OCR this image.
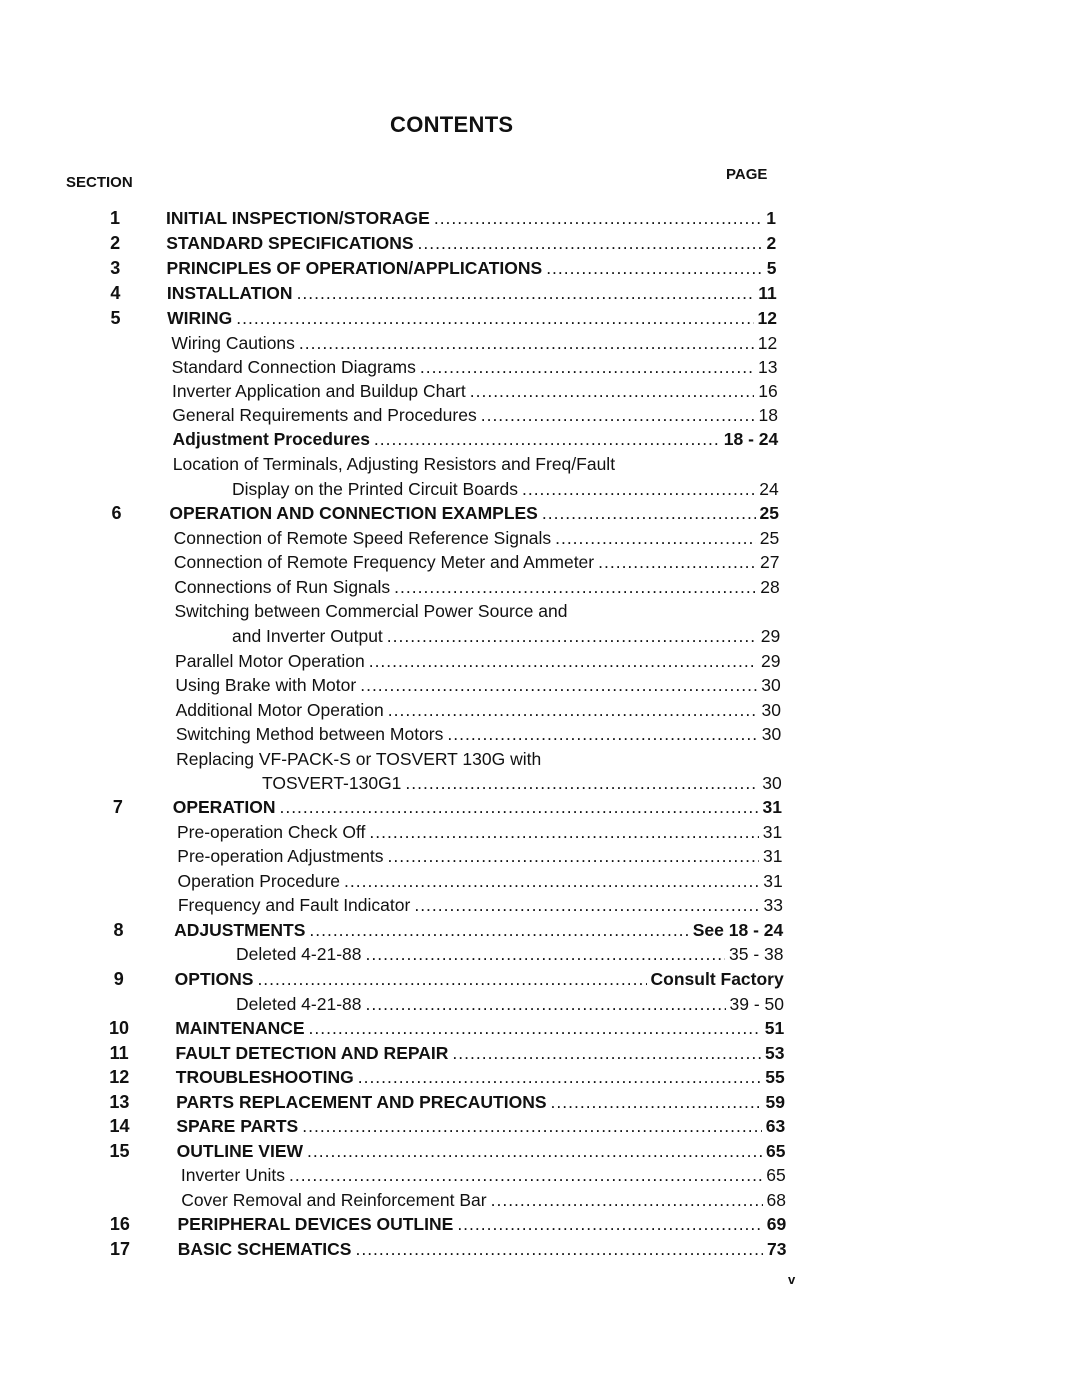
CONTENTS
SECTION	PAGE
1	INITIAL INSPECTION/STORAGE .....	1
2	STANDARD SPECIFICATIONS .....	2
3	PRINCIPLES OF OPERATION/APPLICATIONS .....	5
4	INSTALLATION .....	11
5	WIRING .....	12
Wiring Cautions .....	12
Standard Connection Diagrams .....	13
Inverter Application and Buildup Chart .....	16
General Requirements and Procedures .....	18
Adjustment Procedures .....	18 - 24
Location of Terminals, Adjusting Resistors and Freq/Fault
Display on the Printed Circuit Boards .....	24
6	OPERATION AND CONNECTION EXAMPLES .....	25
Connection of Remote Speed Reference Signals .....	25
Connection of Remote Frequency Meter and Ammeter .....	27
Connections of Run Signals .....	28
Switching between Commercial Power Source and
and Inverter Output .....	29
Parallel Motor Operation .....	29
Using Brake with Motor .....	30
Additional Motor Operation .....	30
Switching Method between Motors .....	30
Replacing VF-PACK-S or TOSVERT 130G with
TOSVERT-130G1 .....	30
7	OPERATION .....	31
Pre-operation Check Off .....	31
Pre-operation Adjustments .....	31
Operation Procedure .....	31
Frequency and Fault Indicator .....	33
8	ADJUSTMENTS .....	See 18 - 24
Deleted 4-21-88 .....	35 - 38
9	OPTIONS .....	Consult Factory
Deleted 4-21-88 .....	39 - 50
10	MAINTENANCE .....	51
11	FAULT DETECTION AND REPAIR .....	53
12	TROUBLESHOOTING .....	55
13	PARTS REPLACEMENT AND PRECAUTIONS .....	59
14	SPARE PARTS .....	63
15	OUTLINE VIEW .....	65
Inverter Units .....	65
Cover Removal and Reinforcement Bar .....	68
16	PERIPHERAL DEVICES OUTLINE .....	69
17	BASIC SCHEMATICS .....	73
v
